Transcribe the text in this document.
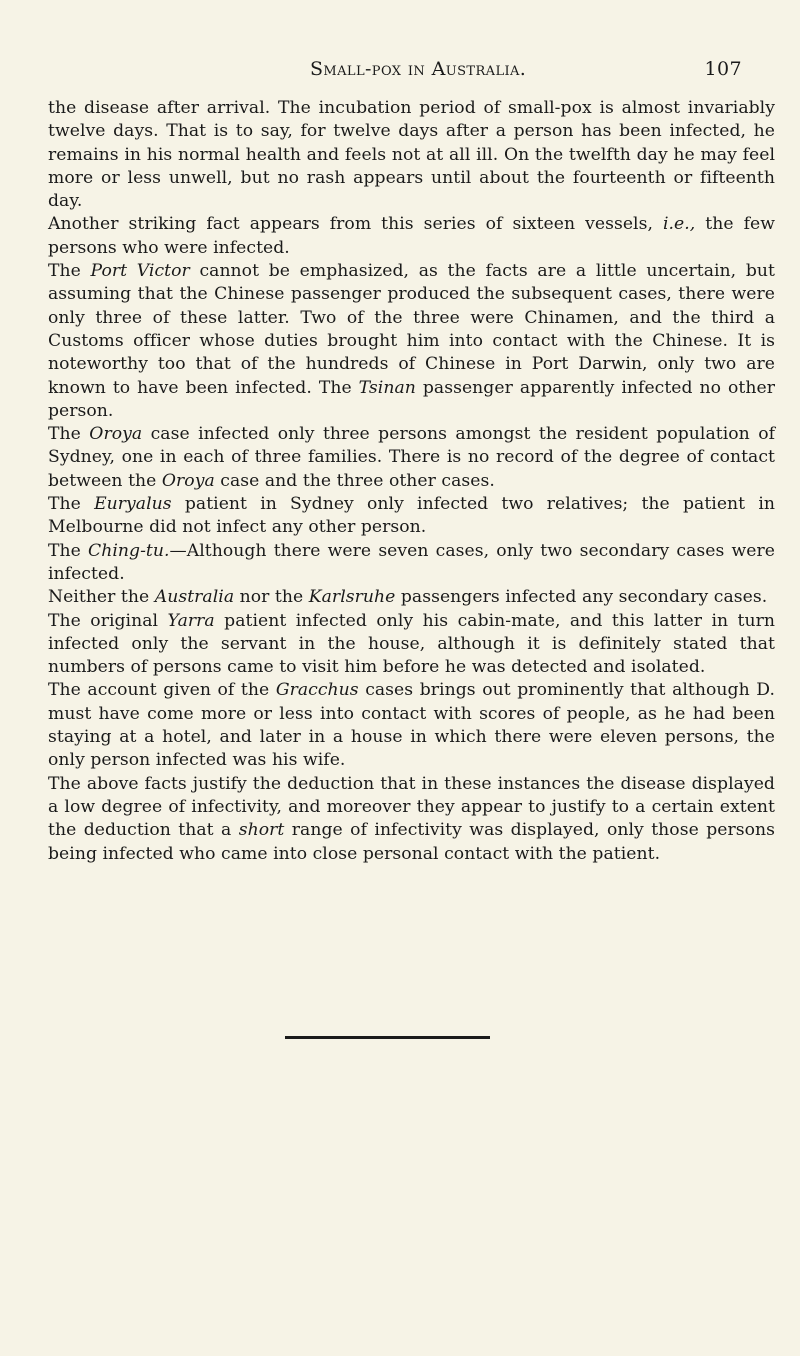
Small-pox in Australia.	107

the disease after arrival. The incubation period of small-pox is almost invariably twelve days. That is to say, for twelve days after a person has been infected, he remains in his normal health and feels not at all ill. On the twelfth day he may feel more or less unwell, but no rash appears until about the fourteenth or fifteenth day.

Another striking fact appears from this series of sixteen vessels, i.e., the few persons who were infected.

The Port Victor cannot be emphasized, as the facts are a little uncertain, but assuming that the Chinese passenger produced the subsequent cases, there were only three of these latter. Two of the three were Chinamen, and the third a Customs officer whose duties brought him into contact with the Chinese. It is noteworthy too that of the hundreds of Chinese in Port Darwin, only two are known to have been infected. The Tsinan passenger apparently infected no other person.

The Oroya case infected only three persons amongst the resident population of Sydney, one in each of three families. There is no record of the degree of contact between the Oroya case and the three other cases.

The Euryalus patient in Sydney only infected two relatives; the patient in Melbourne did not infect any other person.

The Ching-tu.—Although there were seven cases, only two secondary cases were infected.

Neither the Australia nor the Karlsruhe passengers infected any secondary cases.

The original Yarra patient infected only his cabin-mate, and this latter in turn infected only the servant in the house, although it is definitely stated that numbers of persons came to visit him before he was detected and isolated.

The account given of the Gracchus cases brings out prominently that although D. must have come more or less into contact with scores of people, as he had been staying at a hotel, and later in a house in which there were eleven persons, the only person infected was his wife.

The above facts justify the deduction that in these instances the disease displayed a low degree of infectivity, and moreover they appear to justify to a certain extent the deduction that a short range of infectivity was displayed, only those persons being infected who came into close personal contact with the patient.
